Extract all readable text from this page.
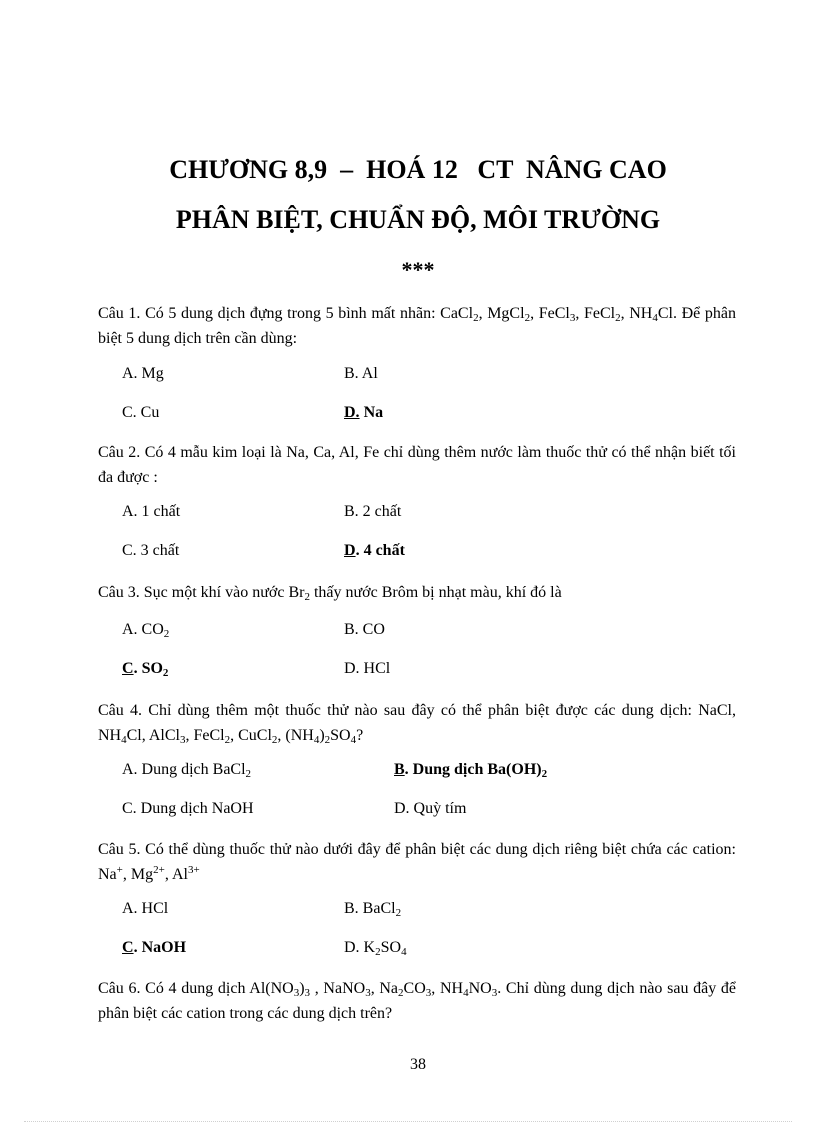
CHƯƠNG 8,9  –  HOÁ 12   CT  NÂNG CAO
PHÂN BIỆT, CHUẨN ĐỘ, MÔI TRƯỜNG
***
Câu 1. Có 5 dung dịch đựng trong 5 bình mất nhãn: CaCl$_2$, MgCl$_2$, FeCl$_3$, FeCl$_2$, $NH_4Cl$. Để phân biệt 5 dung dịch trên cần dùng:
A. Mg	B. Al
C. Cu	D. Na
Câu 2. Có 4 mẫu kim loại là Na, Ca, Al, Fe chỉ dùng thêm nước làm thuốc thử có thể nhận biết tối đa được :
A. 1 chất	B. 2 chất
C. 3 chất	D. 4 chất
Câu 3. Sục một khí vào nước $Br_2$ thấy nước Brôm bị nhạt màu, khí đó là
A. $CO_2$	B. CO
C. $SO_2$	D. HCl
Câu 4. Chỉ dùng thêm một thuốc thử nào sau đây có thể phân biệt được các dung dịch: NaCl, $NH_4Cl$, AlCl$_3$, FeCl$_2$, CuCl$_2$, $(NH_4)_2SO_4$?
A. Dung dịch BaCl$_2$	B. Dung dịch $Ba(OH)_2$
C. Dung dịch NaOH	D. Quỳ tím
Câu 5. Có thể dùng thuốc thử nào dưới đây để phân biệt các dung dịch riêng biệt chứa các cation: Na+, $Mg^{2+}$, $Al^{3+}$
A. HCl	B. BaCl$_2$
C. NaOH	D. $K_2SO_4$
Câu 6. Có 4 dung dịch $Al(NO_3)_3$ , NaNO$_3$, $Na_2CO_3$, $NH_4NO_3$. Chỉ dùng dung dịch nào sau đây để phân biệt các cation trong các dung dịch trên?
38
